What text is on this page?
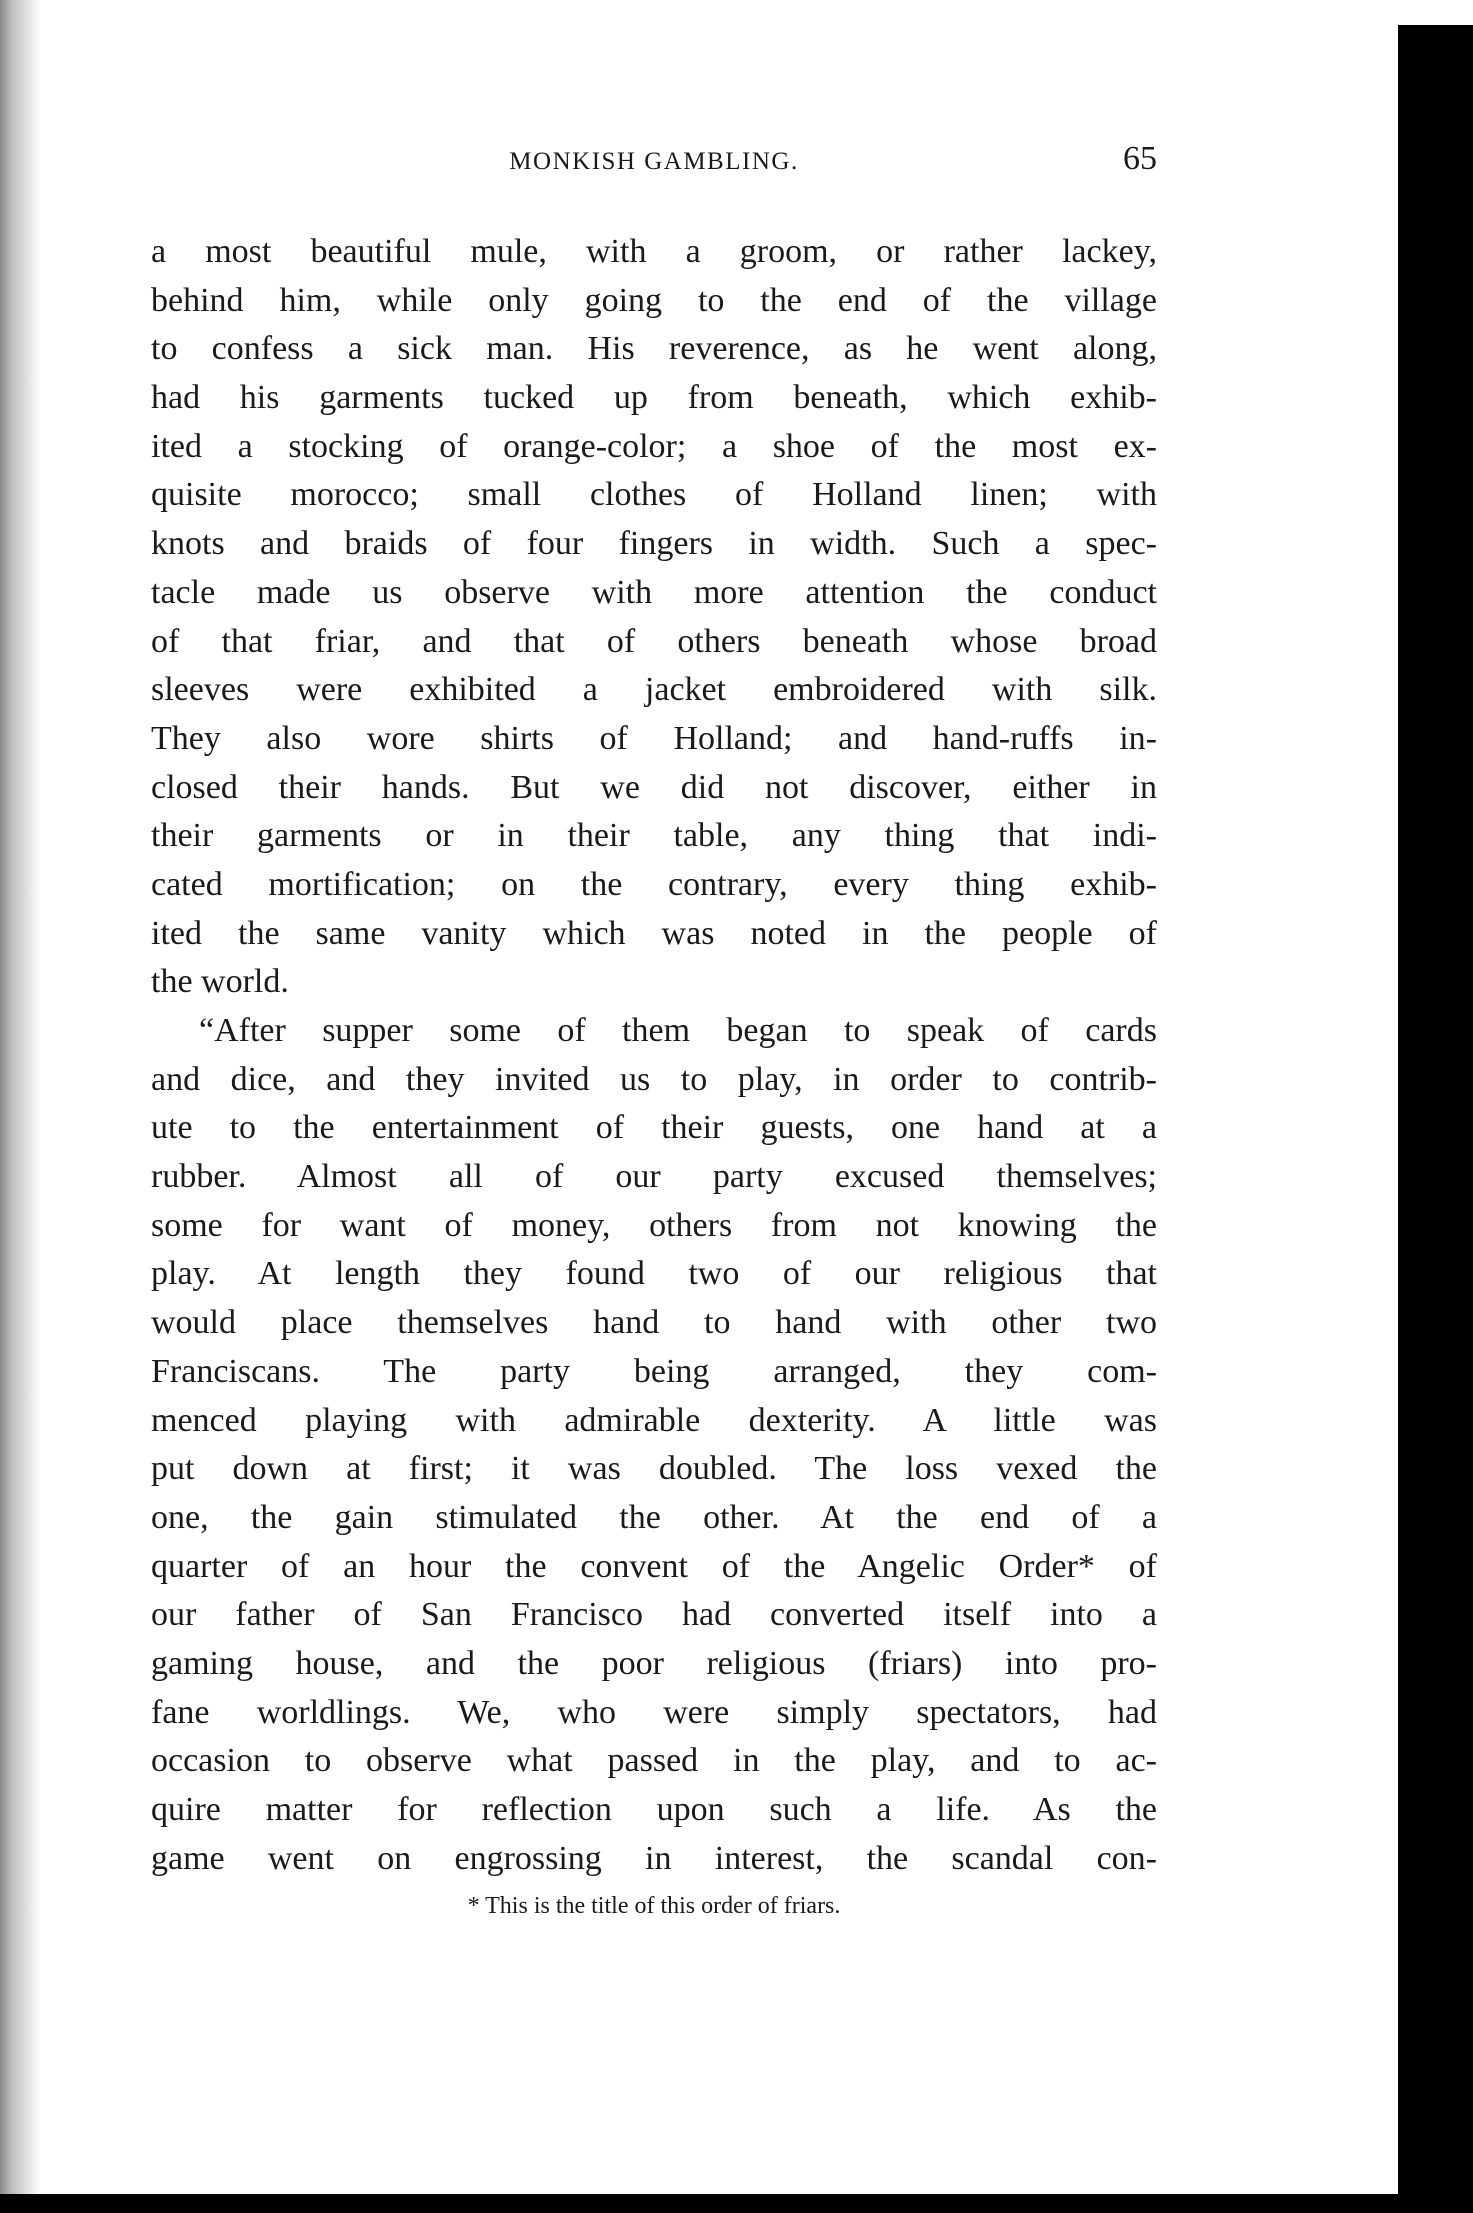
MONKISH GAMBLING.	65
a most beautiful mule, with a groom, or rather lackey,
behind him, while only going to the end of the village
to confess a sick man. His reverence, as he went along,
had his garments tucked up from beneath, which exhib-
ited a stocking of orange-color; a shoe of the most ex-
quisite morocco; small clothes of Holland linen; with
knots and braids of four fingers in width. Such a spec-
tacle made us observe with more attention the conduct
of that friar, and that of others beneath whose broad
sleeves were exhibited a jacket embroidered with silk.
They also wore shirts of Holland; and hand-ruffs in-
closed their hands. But we did not discover, either in
their garments or in their table, any thing that indi-
cated mortification; on the contrary, every thing exhib-
ited the same vanity which was noted in the people of
the world.
“After supper some of them began to speak of cards
and dice, and they invited us to play, in order to contrib-
ute to the entertainment of their guests, one hand at a
rubber. Almost all of our party excused themselves;
some for want of money, others from not knowing the
play. At length they found two of our religious that
would place themselves hand to hand with other two
Franciscans. The party being arranged, they com-
menced playing with admirable dexterity. A little was
put down at first; it was doubled. The loss vexed the
one, the gain stimulated the other. At the end of a
quarter of an hour the convent of the Angelic Order* of
our father of San Francisco had converted itself into a
gaming house, and the poor religious (friars) into pro-
fane worldlings. We, who were simply spectators, had
occasion to observe what passed in the play, and to ac-
quire matter for reflection upon such a life. As the
game went on engrossing in interest, the scandal con-
* This is the title of this order of friars.
